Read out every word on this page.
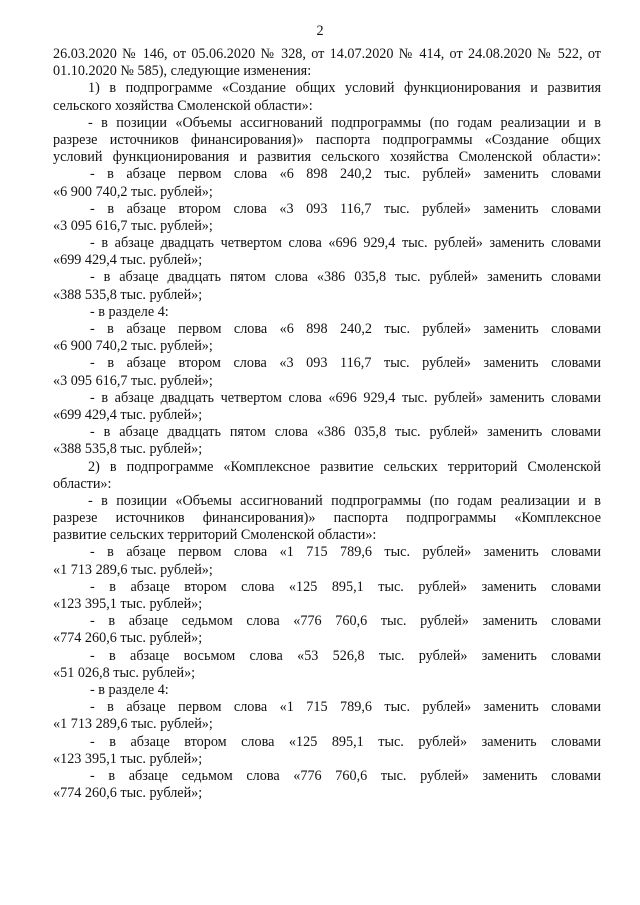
2
26.03.2020 № 146, от 05.06.2020 № 328, от 14.07.2020 № 414, от 24.08.2020 № 522, от
01.10.2020 № 585), следующие изменения:
1) в подпрограмме «Создание общих условий функционирования и развития
сельского хозяйства Смоленской области»:
- в позиции «Объемы ассигнований подпрограммы (по годам реализации и в
разрезе источников финансирования)» паспорта подпрограммы «Создание общих
условий функционирования и развития сельского хозяйства Смоленской области»:
- в абзаце первом слова «6 898 240,2 тыс. рублей» заменить словами
«6 900 740,2 тыс. рублей»;
- в абзаце втором слова «3 093 116,7 тыс. рублей» заменить словами
«3 095 616,7 тыс. рублей»;
- в абзаце двадцать четвертом слова «696 929,4 тыс. рублей» заменить словами
«699 429,4 тыс. рублей»;
- в абзаце двадцать пятом слова «386 035,8 тыс. рублей» заменить словами
«388 535,8 тыс. рублей»;
- в разделе 4:
- в абзаце первом слова «6 898 240,2 тыс. рублей» заменить словами
«6 900 740,2 тыс. рублей»;
- в абзаце втором слова «3 093 116,7 тыс. рублей» заменить словами
«3 095 616,7 тыс. рублей»;
- в абзаце двадцать четвертом слова «696 929,4 тыс. рублей» заменить словами
«699 429,4 тыс. рублей»;
- в абзаце двадцать пятом слова «386 035,8 тыс. рублей» заменить словами
«388 535,8 тыс. рублей»;
2) в подпрограмме «Комплексное развитие сельских территорий Смоленской
области»:
- в позиции «Объемы ассигнований подпрограммы (по годам реализации и в
разрезе источников финансирования)» паспорта подпрограммы «Комплексное
развитие сельских территорий Смоленской области»:
- в абзаце первом слова «1 715 789,6 тыс. рублей» заменить словами
«1 713 289,6 тыс. рублей»;
- в абзаце втором слова «125 895,1 тыс. рублей» заменить словами
«123 395,1 тыс. рублей»;
- в абзаце седьмом слова «776 760,6 тыс. рублей» заменить словами
«774 260,6 тыс. рублей»;
- в абзаце восьмом слова «53 526,8 тыс. рублей» заменить словами
«51 026,8 тыс. рублей»;
- в разделе 4:
- в абзаце первом слова «1 715 789,6 тыс. рублей» заменить словами
«1 713 289,6 тыс. рублей»;
- в абзаце втором слова «125 895,1 тыс. рублей» заменить словами
«123 395,1 тыс. рублей»;
- в абзаце седьмом слова «776 760,6 тыс. рублей» заменить словами
«774 260,6 тыс. рублей»;
